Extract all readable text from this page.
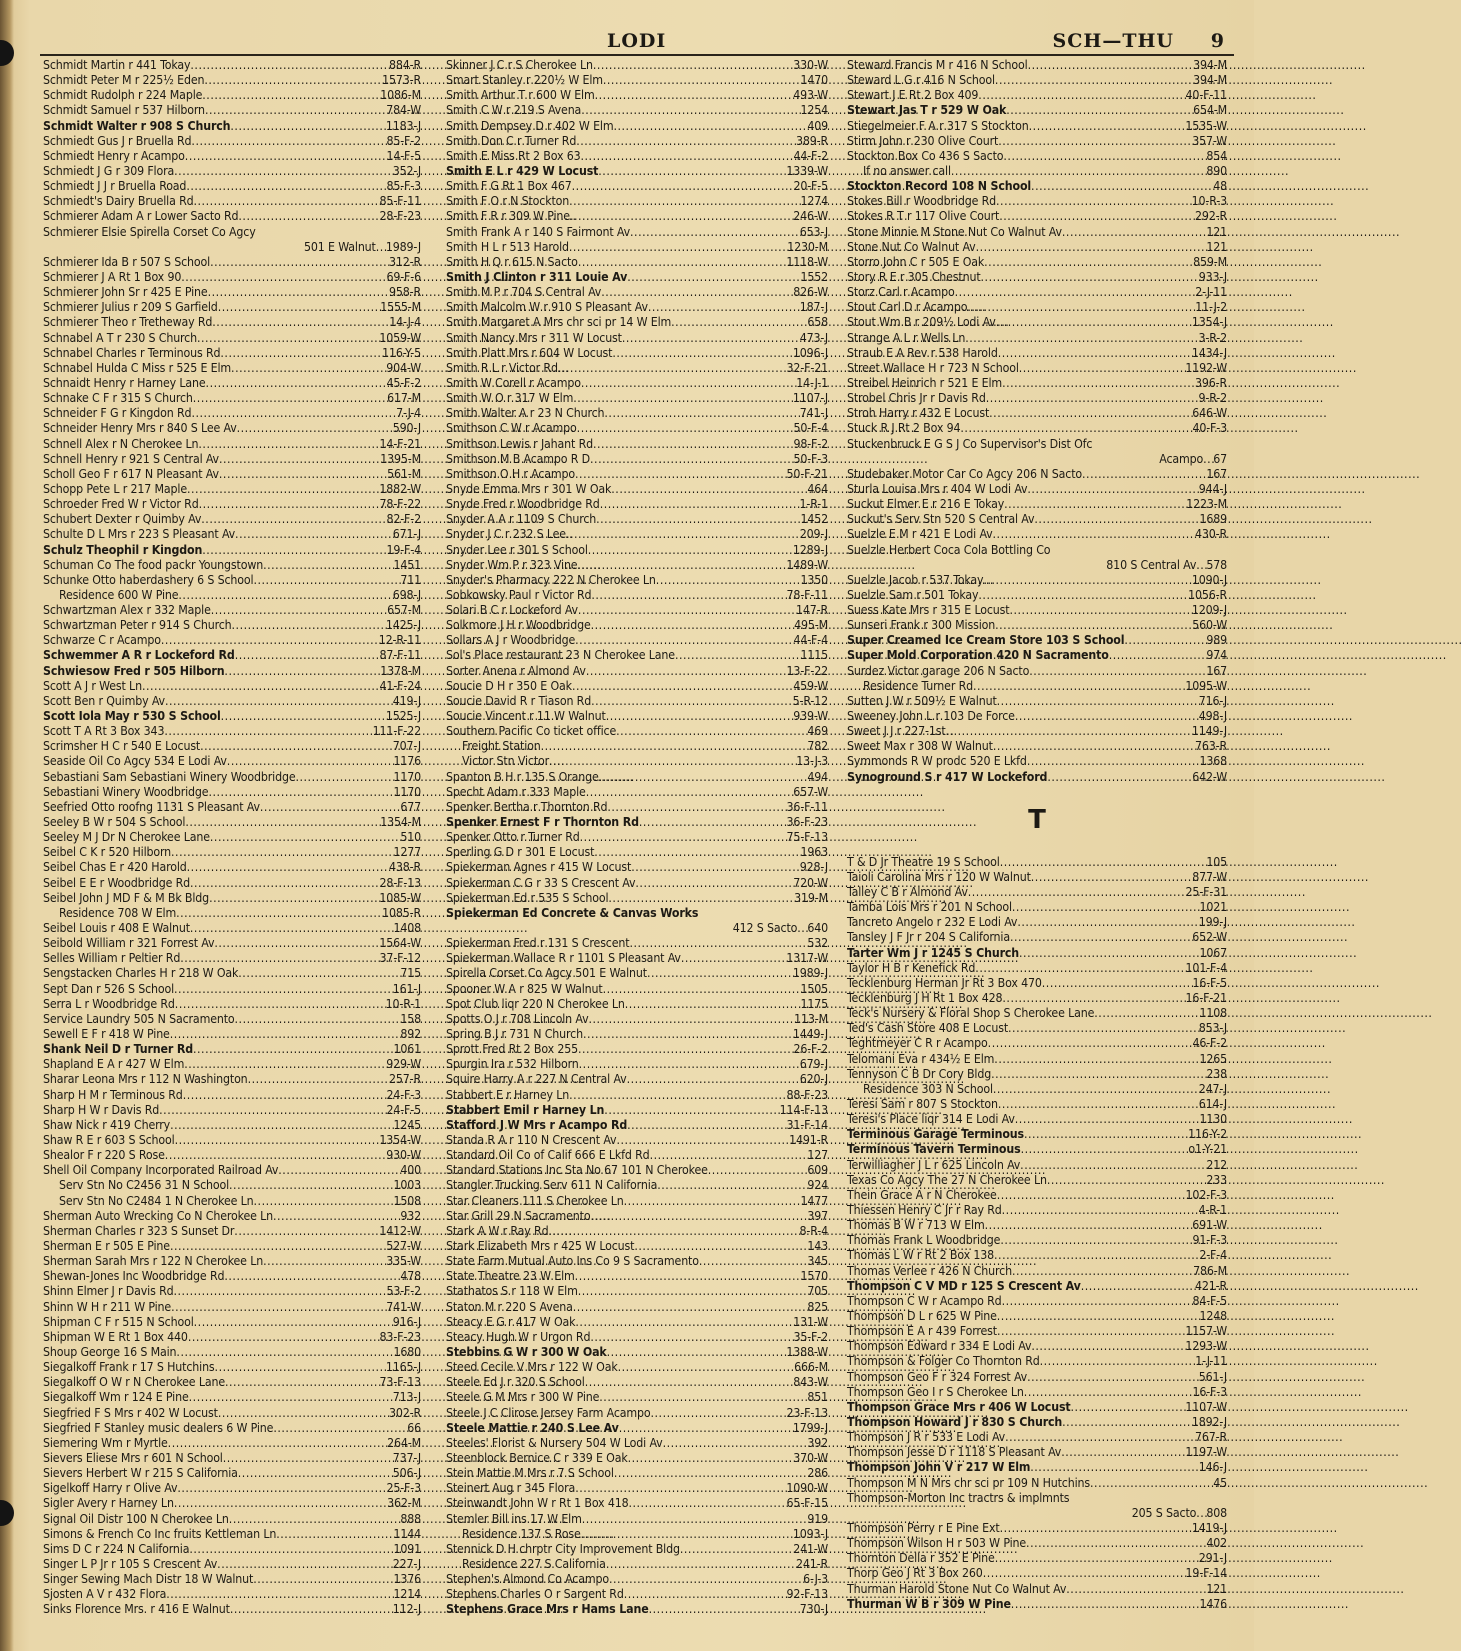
LODI	SCH—THU 9
Schmidt Martin r 441 Tokay . . .	884-R
Schmidt Peter M r 225½ Eden . . .	1573-R
Schmidt Rudolph r 224 Maple . . .	1086-M
Schmidt Samuel r 537 Hilborn . . .	784-W
Schmidt Walter r 908 S Church . . .	1183-J
Schmiedt Gus J r Bruella Rd . . .	85-F-2
Schmiedt Henry r Acampo . . .	14-F-5
Schmiedt J G r 309 Flora . . .	352-J
Schmiedt J J r Bruella Road . . .	85-F-3
Schmiedt's Dairy Bruella Rd . . .	85-F-11
Schmierer Adam A r Lower Sacto Rd . . .	28-F-23
Schmierer Elsie Spirella Corset Co Agcy
501 E Walnut . . . 1989-J
Schmierer Ida B r 507 S School . . .	312-R
Schmierer J A Rt 1 Box 90 . . .	69-F-6
Schmierer John Sr r 425 E Pine . . .	958-R
Schmierer Julius r 209 S Garfield . . .	1555-M
Schmierer Theo r Tretheway Rd . . .	14-J-4
Schnabel A T r 230 S Church . . .	1059-W
Schnabel Charles r Terminous Rd . . .	116-Y-5
Schnabel Hulda C Miss r 525 E Elm . . .	904-W
Schnaidt Henry r Harney Lane . . .	45-F-2
Schnake C F r 315 S Church . . .	617-M
Schneider F G r Kingdon Rd . . .	7-J-4
Schneider Henry Mrs r 840 S Lee Av . . .	590-J
Schnell Alex r N Cherokee Ln . . .	14-F-21
Schnell Henry r 921 S Central Av . . .	1395-M
Scholl Geo F r 617 N Pleasant Av . . .	561-M
Schopp Pete L r 217 Maple . . .	1882-W
Schroeder Fred W r Victor Rd . . .	78-F-22
Schubert Dexter r Quimby Av . . .	82-F-2
Schulte D L Mrs r 223 S Pleasant Av . . .	671-J
Schulz Theophil r Kingdon . . .	19-F-4
Schuman Co The food packr Youngstown . . .	1451
Schunke Otto haberdashery 6 S School . . .	711
Residence 600 W Pine . . .	698-J
Schwartzman Alex r 332 Maple . . .	657-M
Schwartzman Peter r 914 S Church . . .	1425-J
Schwarze C r Acampo . . .	12-R-11
Schwemmer A R r Lockeford Rd . . .	87-F-11
Schwiesow Fred r 505 Hilborn . . .	1378-M
Scott A J r West Ln . . .	41-F-24
Scott Ben r Quimby Av . . .	419-J
Scott Iola May r 530 S School . . .	1525-J
Scott T A Rt 3 Box 343 . . .	111-F-22
Scrimsher H C r 540 E Locust . . .	707-J
Seaside Oil Co Agcy 534 E Lodi Av . . .	1176
Sebastiani Sam Sebastiani Winery Woodbridge . . .	1170
Sebastiani Winery Woodbridge . . .	1170
Seefried Otto roofng 1131 S Pleasant Av . . .	677
Seeley B W r 504 S School . . .	1354-M
Seeley M J Dr N Cherokee Lane . . .	510
Seibel C K r 520 Hilborn . . .	1277
Seibel Chas E r 420 Harold . . .	438-R
Seibel E E r Woodbridge Rd . . .	28-F-13
Seibel John J MD F & M Bk Bldg . . .	1085-W
Residence 708 W Elm . . .	1085-R
Seibel Louis r 408 E Walnut . . .	1408
Seibold William r 321 Forrest Av . . .	1564-W
Selles William r Peltier Rd . . .	37-F-12
Sengstacken Charles H r 218 W Oak . . .	715
Sept Dan r 526 S School . . .	161-J
Serra L r Woodbridge Rd . . .	10-R-1
Service Laundry 505 N Sacramento . . .	158
Sewell E F r 418 W Pine . . .	892
Shank Neil D r Turner Rd . . .	1061
Shapland E A r 427 W Elm . . .	929-W
Sharar Leona Mrs r 112 N Washington . . .	257-R
Sharp H M r Terminous Rd . . .	24-F-3
Sharp H W r Davis Rd . . .	24-F-5
Shaw Nick r 419 Cherry . . .	1245
Shaw R E r 603 S School . . .	1354-W
Shealor F r 220 S Rose . . .	930-W
Shell Oil Company Incorporated Railroad Av . . .	400
Serv Stn No C2456 31 N School . . .	1003
Serv Stn No C2484 1 N Cherokee Ln . . .	1508
Sherman Auto Wrecking Co N Cherokee Ln . . .	932
Sherman Charles r 323 S Sunset Dr . . .	1412-W
Sherman E r 505 E Pine . . .	527-W
Sherman Sarah Mrs r 122 N Cherokee Ln . . .	335-W
Shewan-Jones Inc Woodbridge Rd . . .	478
Shinn Elmer J r Davis Rd . . .	53-F-2
Shinn W H r 211 W Pine . . .	741-W
Shipman C F r 515 N School . . .	916-J
Shipman W E Rt 1 Box 440 . . .	83-F-23
Shoup George 16 S Main . . .	1680
Siegalkoff Frank r 17 S Hutchins . . .	1165-J
Siegalkoff O W r N Cherokee Lane . . .	73-F-13
Siegalkoff Wm r 124 E Pine . . .	713-J
Siegfried F S Mrs r 402 W Locust . . .	302-R
Siegfried F Stanley music dealers 6 W Pine . . .	66
Siemering Wm r Myrtle . . .	264-M
Sievers Eliese Mrs r 601 N School . . .	737-J
Sievers Herbert W r 215 S California . . .	506-J
Sigelkoff Harry r Olive Av . . .	25-F-3
Sigler Avery r Harney Ln . . .	362-M
Signal Oil Distr 100 N Cherokee Ln . . .	888
Simons & French Co Inc fruits Kettleman Ln . . .	1144
Sims D C r 224 N California . . .	1091
Singer L P Jr r 105 S Crescent Av . . .	227-J
Singer Sewing Mach Distr 18 W Walnut . . .	1376
Sjosten A V r 432 Flora . . .	1214
Sinks Florence Mrs. r 416 E Walnut . . .	112-J
Skinner J C r S Cherokee Ln . . .	330-W
Smart Stanley r 220½ W Elm . . .	1470
Smith Arthur T r 600 W Elm . . .	493-W
Smith C W r 219 S Avena . . .	1254
Smith Dempsey D r 402 W Elm . . .	409
Smith Don C r Turner Rd . . .	389-R
Smith E Miss Rt 2 Box 63 . . .	44-F-2
Smith E L r 429 W Locust . . .	1339-W
Smith F G Rt 1 Box 467 . . .	20-F-5
Smith F O r N Stockton . . .	1274
Smith F R r 309 W Pine . . .	246-W
Smith Frank A r 140 S Fairmont Av . . .	653-J
Smith H L r 513 Harold . . .	1230-M
Smith H Q r 615 N Sacto . . .	1118-W
Smith J Clinton r 311 Louie Av . . .	1552
Smith M P r 704 S Central Av . . .	826-W
Smith Malcolm W r 910 S Pleasant Av . . .	187-J
Smith Margaret A Mrs chr sci pr 14 W Elm . . .	658
Smith Nancy Mrs r 311 W Locust . . .	473-J
Smith Platt Mrs r 604 W Locust . . .	1096-J
Smith R L r Victor Rd . . .	32-F-21
Smith W Corell r Acampo . . .	14-J-1
Smith W O r 317 W Elm . . .	1107-J
Smith Walter A r 23 N Church . . .	741-J
Smithson C W r Acampo . . .	50-F-4
Smithson Lewis r Jahant Rd . . .	98-F-2
Smithson M B Acampo R D . . .	50-F-3
Smithson O H r Acampo . . .	50-F-21
Snyde Emma Mrs r 301 W Oak . . .	464
Snyde Fred r Woodbridge Rd . . .	1-R-1
Snyder A A r 1109 S Church . . .	1452
Snyder J C r 232 S Lee . . .	209-J
Snyder Lee r 301 S School . . .	1289-J
Snyder Wm P r 323 Vine . . .	1489-W
Snyder's Pharmacy 222 N Cherokee Ln . . .	1350
Sobkowsky Paul r Victor Rd . . .	78-F-11
Solari B C r Lockeford Av . . .	147-R
Solkmore J H r Woodbridge . . .	495-M
Sollars A J r Woodbridge . . .	44-F-4
Sol's Place restaurant 23 N Cherokee Lane . . .	1115
Sorter Anena r Almond Av . . .	13-F-22
Soucie D H r 350 E Oak . . .	459-W
Soucie David R r Tiason Rd . . .	5-R-12
Soucie Vincent r 11 W Walnut . . .	939-W
Southern Pacific Co ticket office . . .	469
Freight Station . . .	782
Victor Stn Victor . . .	13-J-3
Spanton B H r 135 S Orange . . .	494
Specht Adam r 333 Maple . . .	657-W
Spenker Bertha r Thornton Rd . . .	36-F-11
Spenker Ernest F r Thornton Rd . . .	36-F-23
Spenker Otto r Turner Rd . . .	75-F-13
Sperling G D r 301 E Locust . . .	1963
Spiekerman Agnes r 415 W Locust . . .	928-J
Spiekerman C G r 33 S Crescent Av . . .	720-W
Spiekerman Ed r 535 S School . . .	319-M
Spiekerman Ed Concrete & Canvas Works
412 S Sacto . . . 640
Spiekerman Fred r 131 S Crescent . . .	532
Spiekerman Wallace R r 1101 S Pleasant Av . . .	1317-W
Spirella Corset Co Agcy 501 E Walnut . . .	1989-J
Spooner W A r 825 W Walnut . . .	1505
Spot Club liqr 220 N Cherokee Ln . . .	1175
Spotts O J r 708 Lincoln Av . . .	113-M
Spring B J r 731 N Church . . .	1449-J
Sprott Fred Rt 2 Box 255 . . .	26-F-2
Spurgin Ira r 532 Hilborn . . .	679-J
Squire Harry A r 227 N Central Av . . .	620-J
Stabbert E r Harney Ln . . .	88-F-23
Stabbert Emil r Harney Ln . . .	114-F-13
Stafford J W Mrs r Acampo Rd . . .	31-F-14
Standa R A r 110 N Crescent Av . . .	1491-R
Standard Oil Co of Calif 666 E Lkfd Rd . . .	127
Standard Stations Inc Sta No 67 101 N Cherokee . . .	609
Stangler Trucking Serv 611 N California . . .	924
Star Cleaners 111 S Cherokee Ln . . .	1477
Star Grill 29 N Sacramento . . .	397
Stark A W r Ray Rd . . .	8-R-4
Stark Elizabeth Mrs r 425 W Locust . . .	143
State Farm Mutual Auto Ins Co 9 S Sacramento . . .	345
State Theatre 23 W Elm . . .	1570
Stathatos S r 118 W Elm . . .	705
Staton M r 220 S Avena . . .	825
Steacy E G r 417 W Oak . . .	131-W
Steacy Hugh W r Urgon Rd . . .	35-F-2
Stebbins G W r 300 W Oak . . .	1388-W
Steed Cecile V Mrs r 122 W Oak . . .	666-M
Steele Ed J r 320 S School . . .	843-W
Steele G M Mrs r 300 W Pine . . .	851
Steele J C Clirose Jersey Farm Acampo . . .	23-F-13
Steele Mattie r 240 S Lee Av . . .	1799-J
Steeles' Florist & Nursery 504 W Lodi Av . . .	392
Steenblock Bernice C r 339 E Oak . . .	370-W
Stein Mattie M Mrs r 7 S School . . .	286
Steinert Aug r 345 Flora . . .	1090-W
Steinwandt John W r Rt 1 Box 418 . . .	65-F-15
Stemler Bill ins 17 W Elm . . .	919
Residence 137 S Rose . . .	1093-J
Stennick D H chrptr City Improvement Bldg . . .	241-W
Residence 227 S California . . .	241-R
Stephen's Almond Co Acampo . . .	6-J-3
Stephens Charles O r Sargent Rd . . .	92-F-13
Stephens Grace Mrs r Hams Lane . . .	730-J
Steward Francis M r 416 N School . . .	394-M
Steward L G r 416 N School . . .	394-M
Stewart J E Rt 2 Box 409 . . .	40-F-11
Stewart Jas T r 529 W Oak . . .	654-M
Stiegelmeier F A r 317 S Stockton . . .	1535-W
Stirm John r 230 Olive Court . . .	357-W
Stockton Box Co 436 S Sacto . . .	854
If no answer call . . .	890
Stockton Record 108 N School . . .	48
Stokes Bill r Woodbridge Rd . . .	10-R-3
Stokes R T r 117 Olive Court . . .	292-R
Stone Minnie M Stone Nut Co Walnut Av . . .	121
Stone Nut Co Walnut Av . . .	121
Storro John C r 505 E Oak . . .	859-M
Story R E r 305 Chestnut . . .	933-J
Storz Carl r Acampo . . .	2-J-11
Stout Carl D r Acampo . . .	11-J-2
Stout Wm B r 209½ Lodi Av . . .	1354-J
Strange A L r Wells Ln . . .	3-R-2
Straub E A Rev r 538 Harold . . .	1434-J
Street Wallace H r 723 N School . . .	1192-W
Streibel Heinrich r 521 E Elm . . .	396-R
Strobel Chris Jr r Davis Rd . . .	9-R-2
Stroh Harry r 432 E Locust . . .	646-W
Stuck R J Rt 2 Box 94 . . .	40-F-3
Stuckenbruck E G S J Co Supervisor's Dist Ofc
Acampo . . . 67
Studebaker Motor Car Co Agcy 206 N Sacto . . .	167
Sturla Louisa Mrs r 404 W Lodi Av . . .	944-J
Suckut Elmer E r 216 E Tokay . . .	1223-M
Suckut's Serv Stn 520 S Central Av . . .	1689
Suelzle E M r 421 E Lodi Av . . .	430-R
Suelzle Herbert Coca Cola Bottling Co
810 S Central Av . . . 578
Suelzle Jacob r 537 Tokay . . .	1090-J
Suelzle Sam r 501 Tokay . . .	1056-R
Suess Kate Mrs r 315 E Locust . . .	1209-J
Sunseri Frank r 300 Mission . . .	560-W
Super Creamed Ice Cream Store 103 S School . . .	989
Super Mold Corporation 420 N Sacramento . . .	974
Surdez Victor garage 206 N Sacto . . .	167
Residence Turner Rd . . .	1095-W
Sutten J W r 509½ E Walnut . . .	716-J
Sweeney John L r 103 De Force . . .	498-J
Sweet J J r 227-1st . . .	1149-J
Sweet Max r 308 W Walnut . . .	763-R
Symmonds R W prodc 520 E Lkfd . . .	1368
Synoground S r 417 W Lockeford . . .	642-W
T
T & D Jr Theatre 19 S School . . .	105
Taioli Carolina Mrs r 120 W Walnut . . .	877-W
Talley C B r Almond Av . . .	25-F-31
Tamba Lois Mrs r 201 N School . . .	1021
Tancreto Angelo r 232 E Lodi Av . . .	199-J
Tansley J F Jr r 204 S California . . .	652-W
Tarter Wm J r 1245 S Church . . .	1067
Taylor H B r Kenefick Rd . . .	101-F-4
Tecklenburg Herman Jr Rt 3 Box 470 . . .	16-F-5
Tecklenburg J H Rt 1 Box 428 . . .	16-F-21
Teck's Nursery & Floral Shop S Cherokee Lane . . .	1108
Ted's Cash Store 408 E Locust . . .	853-J
Teghtmeyer C R r Acampo . . .	46-F-2
Telomani Eva r 434½ E Elm . . .	1265
Tennyson C B Dr Cory Bldg . . .	238
Residence 303 N School . . .	247-J
Teresi Sam r 807 S Stockton . . .	614-J
Teresi's Place liqr 314 E Lodi Av . . .	1130
Terminous Garage Terminous . . .	116-Y-2
Terminous Tavern Terminous . . .	o1-Y-21
Terwilliagher J L r 625 Lincoln Av . . .	212
Texas Co Agcy The 27 N Cherokee Ln . . .	233
Thein Grace A r N Cherokee . . .	102-F-3
Thiessen Henry C Jr r Ray Rd . . .	4-R-1
Thomas B W r 713 W Elm . . .	691-W
Thomas Frank L Woodbridge . . .	91-F-3
Thomas L W r Rt 2 Box 138 . . .	2-F-4
Thomas Verlee r 426 N Church . . .	786-M
Thompson C V MD r 125 S Crescent Av . . .	421-R
Thompson C W r Acampo Rd . . .	84-F-5
Thompson D L r 625 W Pine . . .	1248
Thompson E A r 439 Forrest . . .	1157-W
Thompson Edward r 334 E Lodi Av . . .	1293-W
Thompson & Folger Co Thornton Rd . . .	1-J-11
Thompson Geo F r 324 Forrest Av . . .	561-J
Thompson Geo I r S Cherokee Ln . . .	16-F-3
Thompson Grace Mrs r 406 W Locust . . .	1107-W
Thompson Howard J r 830 S Church . . .	1892-J
Thompson J R r 533 E Lodi Av . . .	767-R
Thompson Jesse D r 1118 S Pleasant Av . . .	1197-W
Thompson John V r 217 W Elm . . .	146-J
Thompson M N Mrs chr sci pr 109 N Hutchins . . .	45
Thompson-Morton Inc tractrs & implmnts
205 S Sacto . . . 808
Thompson Perry r E Pine Ext . . .	1419-J
Thompson Wilson H r 503 W Pine . . .	402
Thornton Della r 352 E Pine . . .	291-J
Thorp Geo J Rt 3 Box 260 . . .	19-F-14
Thurman Harold Stone Nut Co Walnut Av . . .	121
Thurman W B r 309 W Pine . . .	1476
